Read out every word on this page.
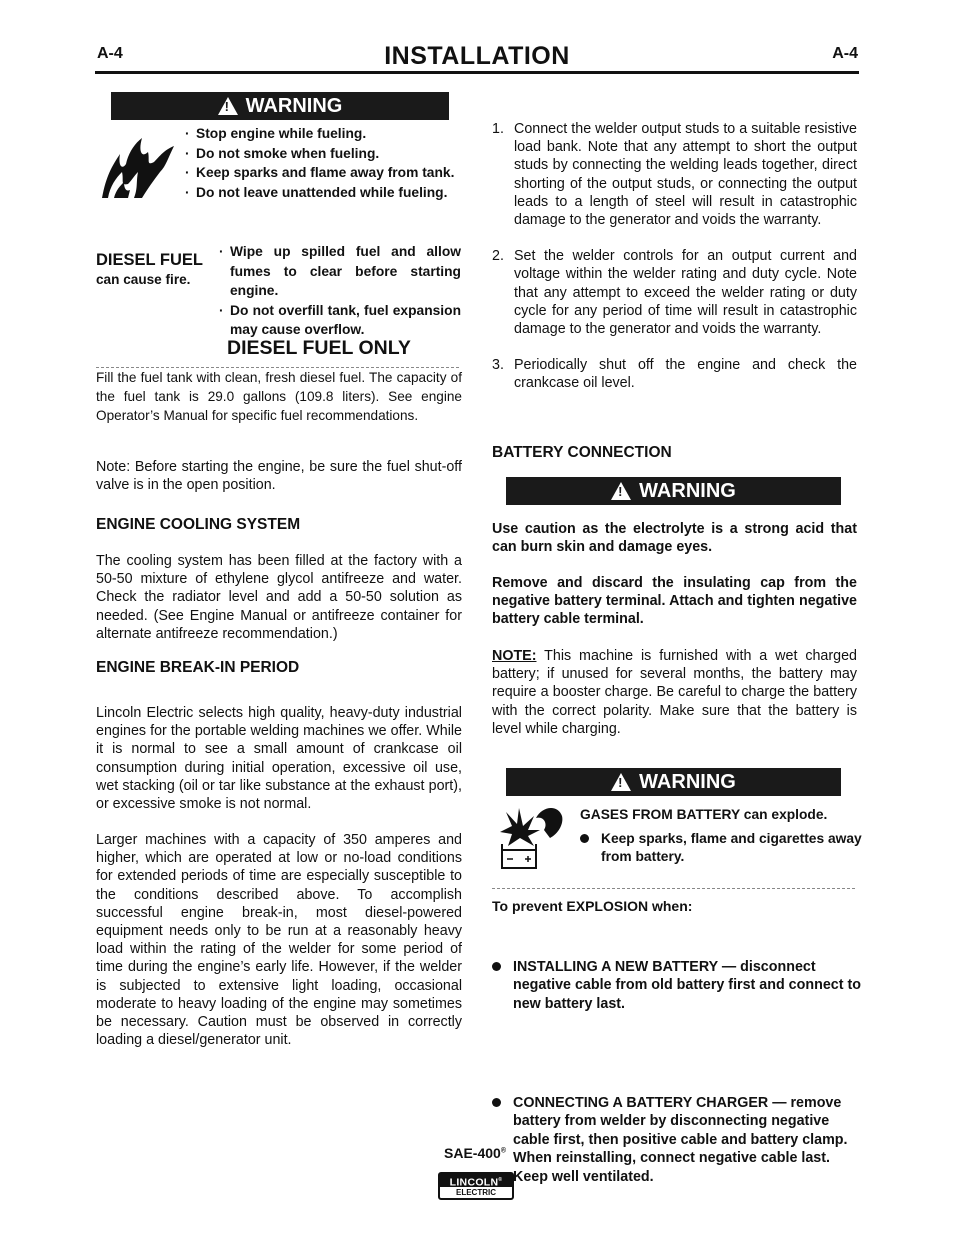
A-4	INSTALLATION	A-4
! WARNING
· Stop engine while fueling.
· Do not smoke when fueling.
· Keep sparks and flame away from tank.
· Do not leave unattended while fueling.
DIESEL FUEL
can cause fire.
· Wipe up spilled fuel and allow fumes to clear before starting engine.
· Do not overfill tank, fuel expansion may cause overflow.
DIESEL FUEL ONLY
Fill the fuel tank with clean, fresh diesel fuel. The capacity of the fuel tank is 29.0 gallons (109.8 liters). See engine Operator’s Manual for specific fuel recommendations.
Note: Before starting the engine, be sure the fuel shut-off valve is in the open position.
ENGINE COOLING SYSTEM
The cooling system has been filled at the factory with a 50-50 mixture of ethylene glycol antifreeze and water. Check the radiator level and add a 50-50 solution as needed. (See Engine Manual or antifreeze container for alternate antifreeze recommendation.)
ENGINE BREAK-IN PERIOD
Lincoln Electric selects high quality, heavy-duty industrial engines for the portable welding machines we offer. While it is normal to see a small amount of crankcase oil consumption during initial operation, excessive oil use, wet stacking (oil or tar like substance at the exhaust port), or excessive smoke is not normal.
Larger machines with a capacity of 350 amperes and higher, which are operated at low or no-load conditions for extended periods of time are especially susceptible to the conditions described above. To accomplish successful engine break-in, most diesel-powered equipment needs only to be run at a reasonably heavy load within the rating of the welder for some period of time during the engine’s early life. However, if the welder is subjected to extensive light loading, occasional moderate to heavy loading of the engine may sometimes be necessary. Caution must be observed in correctly loading a diesel/generator unit.
1. Connect the welder output studs to a suitable resistive load bank. Note that any attempt to short the output studs by connecting the welding leads together, direct shorting of the output studs, or connecting the output leads to a length of steel will result in catastrophic damage to the generator and voids the warranty.
2. Set the welder controls for an output current and voltage within the welder rating and duty cycle. Note that any attempt to exceed the welder rating or duty cycle for any period of time will result in catastrophic damage to the generator and voids the warranty.
3. Periodically shut off the engine and check the crankcase oil level.
BATTERY CONNECTION
! WARNING
Use caution as the electrolyte is a strong acid that can burn skin and damage eyes.
Remove and discard the insulating cap from the negative battery terminal. Attach and tighten negative battery cable terminal.
NOTE: This machine is furnished with a wet charged battery; if unused for several months, the battery may require a booster charge. Be careful to charge the battery with the correct polarity. Make sure that the battery is level while charging.
! WARNING
GASES FROM BATTERY can explode.
Keep sparks, flame and cigarettes away from battery.
To prevent EXPLOSION when:
INSTALLING A NEW BATTERY — disconnect negative cable from old battery first and connect to new battery last.
CONNECTING A BATTERY CHARGER — remove battery from welder by disconnecting negative cable first, then positive cable and battery clamp. When reinstalling, connect negative cable last. Keep well ventilated.
SAE-400®
LINCOLN®
ELECTRIC
